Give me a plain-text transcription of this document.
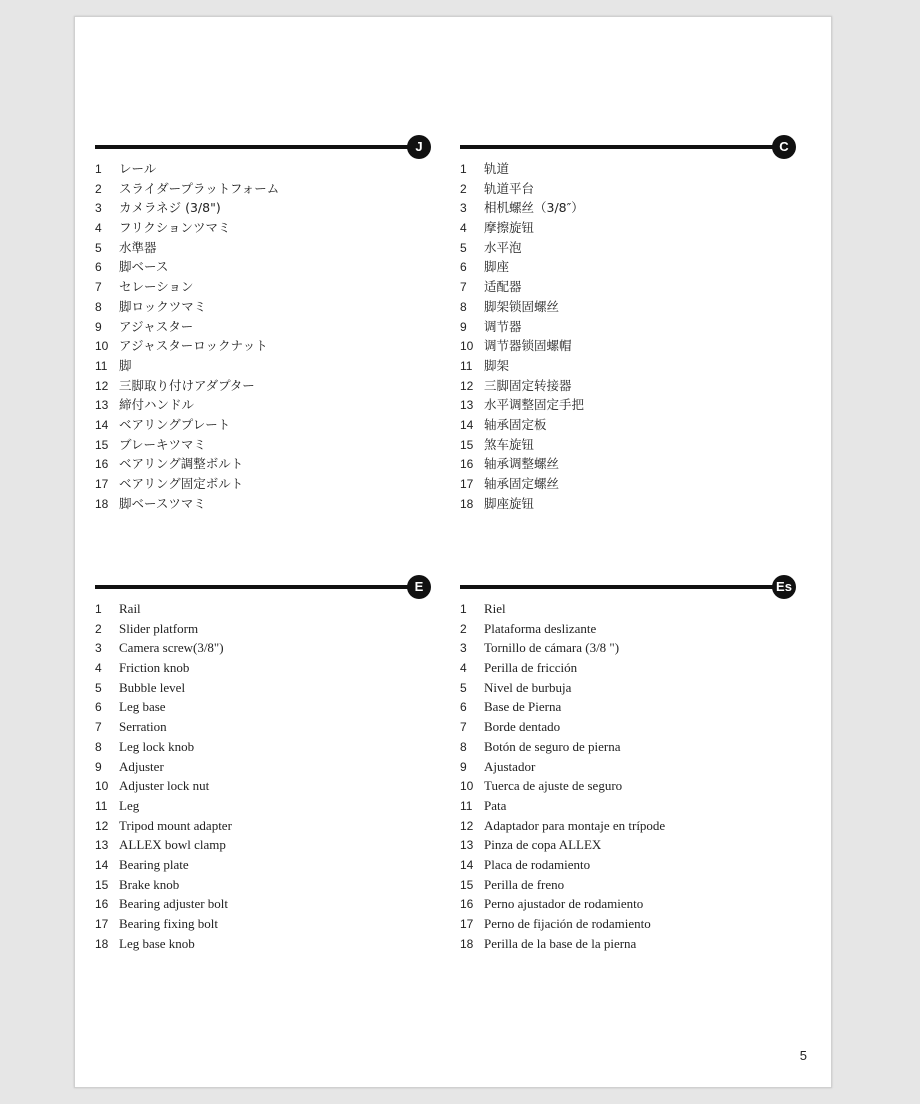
J
1 レール
2 スライダープラットフォーム
3 カメラネジ (3/8")
4 フリクションツマミ
5 水準器
6 脚ベース
7 セレーション
8 脚ロックツマミ
9 アジャスター
10 アジャスターロックナット
11 脚
12 三脚取り付けアダプター
13 締付ハンドル
14 ベアリングプレート
15 ブレーキツマミ
16 ベアリング調整ボルト
17 ベアリング固定ボルト
18 脚ベースツマミ
C
1 轨道
2 轨道平台
3 相机螺丝（3/8″）
4 摩擦旋钮
5 水平泡
6 脚座
7 适配器
8 脚架锁固螺丝
9 调节器
10 调节器锁固螺帽
11 脚架
12 三脚固定转接器
13 水平调整固定手把
14 轴承固定板
15 煞车旋钮
16 轴承调整螺丝
17 轴承固定螺丝
18 脚座旋钮
E
1 Rail
2 Slider platform
3 Camera screw(3/8")
4 Friction knob
5 Bubble level
6 Leg base
7 Serration
8 Leg lock knob
9 Adjuster
10 Adjuster lock nut
11 Leg
12 Tripod mount adapter
13 ALLEX bowl clamp
14 Bearing plate
15 Brake knob
16 Bearing adjuster bolt
17 Bearing fixing bolt
18 Leg base knob
Es
1 Riel
2 Plataforma deslizante
3 Tornillo de cámara (3/8 ")
4 Perilla de fricción
5 Nivel de burbuja
6 Base de Pierna
7 Borde dentado
8 Botón de seguro de pierna
9 Ajustador
10 Tuerca de ajuste de seguro
11 Pata
12 Adaptador para montaje en trípode
13 Pinza de copa ALLEX
14 Placa de rodamiento
15 Perilla de freno
16 Perno ajustador de rodamiento
17 Perno de fijación de rodamiento
18 Perilla de la base de la pierna
5
